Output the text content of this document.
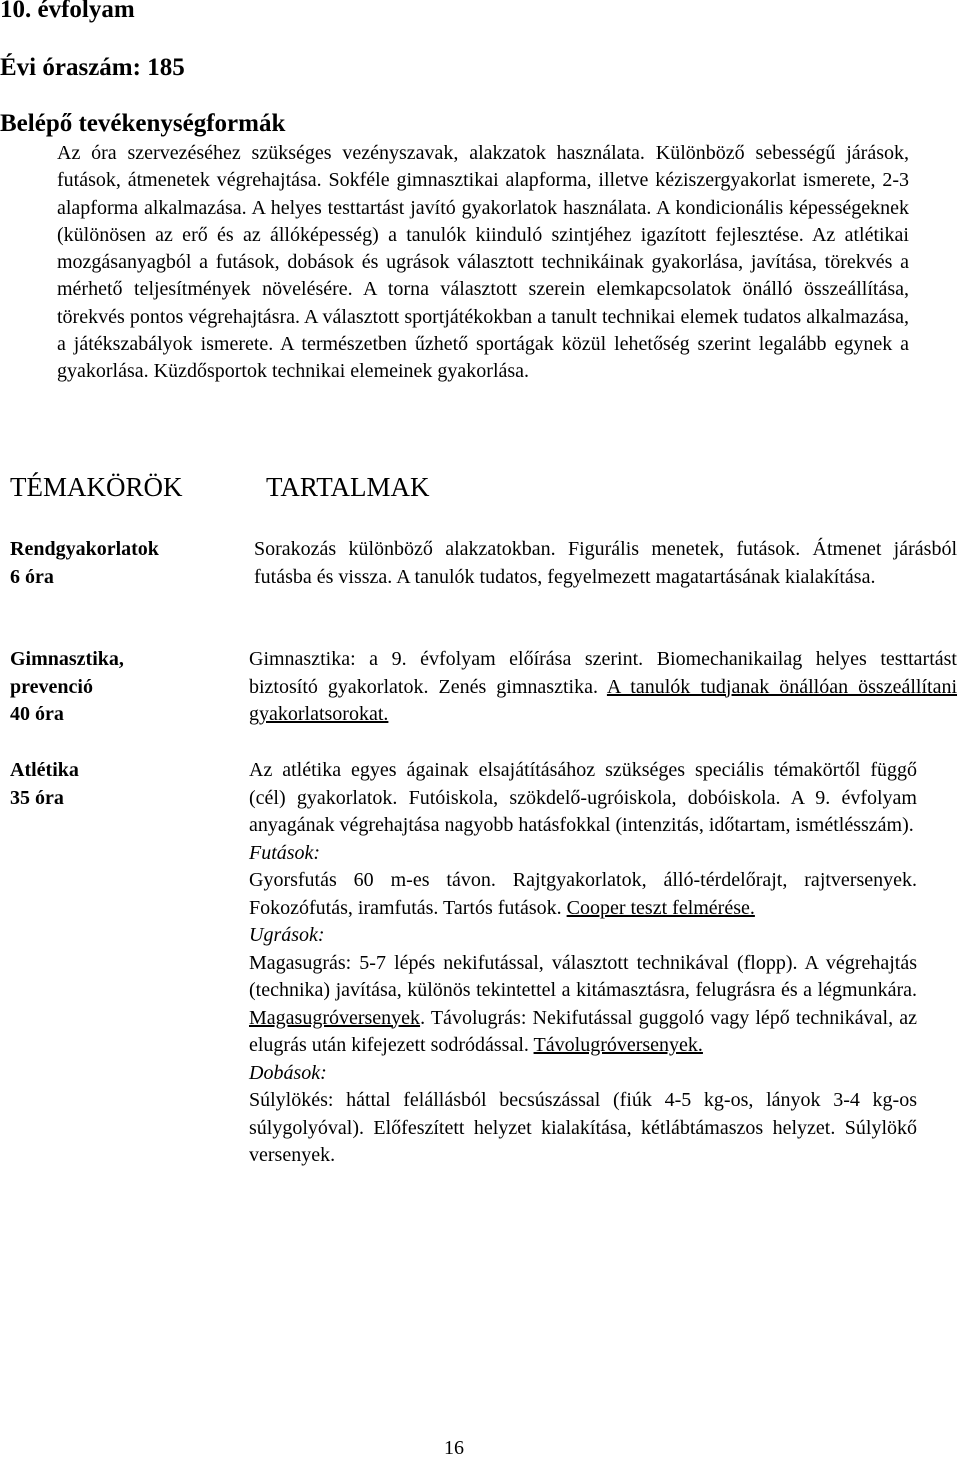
10. évfolyam
Évi óraszám: 185
Belépő tevékenységformák

Az óra szervezéséhez szükséges vezényszavak, alakzatok használata. Különböző sebességű járások, futások, átmenetek végrehajtása. Sokféle gimnasztikai alapforma, illetve kéziszergyakorlat ismerete, 2-3 alapforma alkalmazása. A helyes testtartást javító gyakorlatok használata. A kondicionális képességeknek (különösen az erő és az állóképesség) a tanulók kiinduló szintjéhez igazított fejlesztése. Az atlétikai mozgásanyagból a futások, dobások és ugrások választott technikáinak gyakorlása, javítása, törekvés a mérhető teljesítmények növelésére. A torna választott szerein elemkapcsolatok önálló összeállítása, törekvés pontos végrehajtásra. A választott sportjátékokban a tanult technikai elemek tudatos alkalmazása, a játékszabályok ismerete. A természetben űzhető sportágak közül lehetőség szerint legalább egynek a gyakorlása. Küzdősportok technikai elemeinek gyakorlása.

TÉMAKÖRÖK	TARTALMAK
Rendgyakorlatok
6 óra

Sorakozás különböző alakzatokban. Figurális menetek, futások. Átmenet járásból futásba és vissza. A tanulók tudatos, fegyelmezett magatartásának kialakítása.

Gimnasztika,
prevenció
40 óra
Gimnasztika: a 9. évfolyam előírása szerint. Biomechanikailag helyes testtartást biztosító gyakorlatok. Zenés gimnasztika. A tanulók tudjanak önállóan összeállítani gyakorlatsorokat.
Atlétika
35 óra
Az atlétika egyes ágainak elsajátításához szükséges speciális témakörtől függő (cél) gyakorlatok. Futóiskola, szökdelő-ugróiskola, dobóiskola. A 9. évfolyam anyagának végrehajtása nagyobb hatásfokkal (intenzitás, időtartam, ismétlésszám).
Futások:
Gyorsfutás 60 m-es távon. Rajtgyakorlatok, álló-térdelőrajt, rajtversenyek. Fokozófutás, iramfutás. Tartós futások. Cooper teszt felmérése.
Ugrások:
Magasugrás: 5-7 lépés nekifutással, választott technikával (flopp). A végrehajtás (technika) javítása, különös tekintettel a kitámasztásra, felugrásra és a légmunkára. Magasugróversenyek. Távolugrás: Nekifutással guggoló vagy lépő technikával, az elugrás után kifejezett sodródással. Távolugróversenyek.
Dobások:
Súlylökés: háttal felállásból becsúszással (fiúk 4-5 kg-os, lányok 3-4 kg-os súlygolyóval). Előfeszített helyzet kialakítása, kétlábtámaszos helyzet. Súlylökő versenyek.
16
